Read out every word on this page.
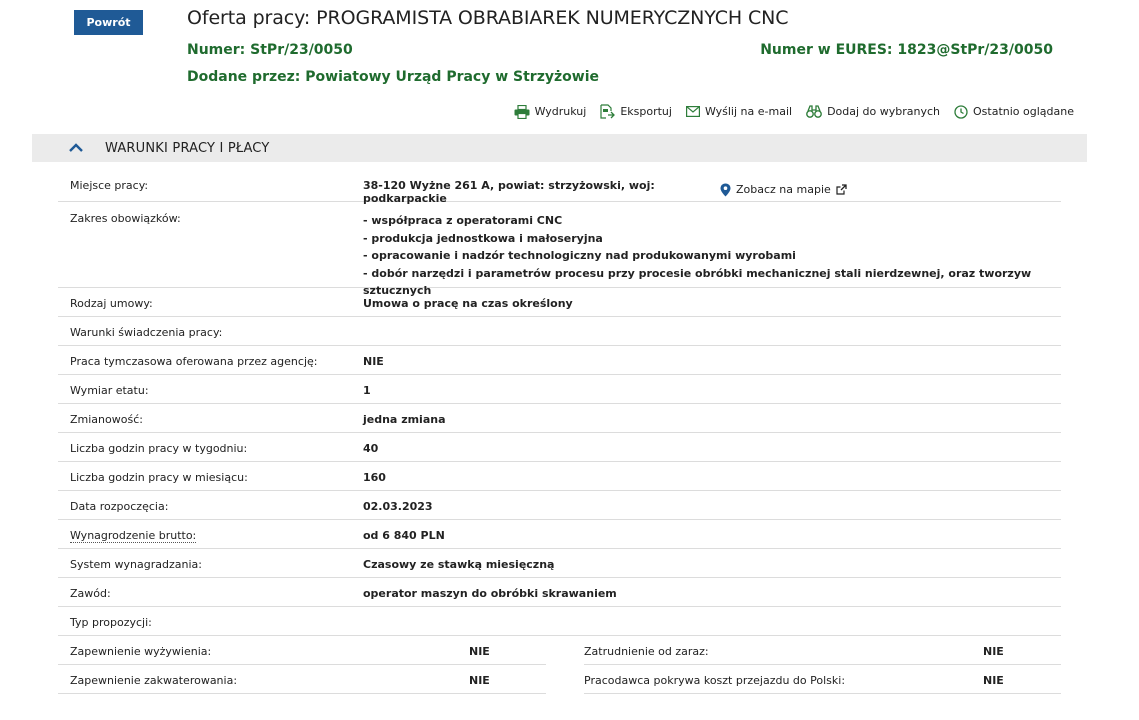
Powrót	Oferta pracy: PROGRAMISTA OBRABIAREK NUMERYCZNYCH CNC
Numer: StPr/23/0050	Numer w EURES: 1823@StPr/23/0050
Dodane przez: Powiatowy Urząd Pracy w Strzyżowie
Wydrukuj	Eksportuj	Wyślij na e-mail	Dodaj do wybranych	Ostatnio oglądane
WARUNKI PRACY I PŁACY
Miejsce pracy:	38-120 Wyżne 261 A, powiat: strzyżowski, woj: podkarpackie
Zobacz na mapie
Zakres obowiązków:	- współpraca z operatorami CNC
- produkcja jednostkowa i małoseryjna
- opracowanie i nadzór technologiczny nad produkowanymi wyrobami
- dobór narzędzi i parametrów procesu przy procesie obróbki mechanicznej stali nierdzewnej, oraz tworzyw sztucznych
Rodzaj umowy:	Umowa o pracę na czas określony
Warunki świadczenia pracy:
Praca tymczasowa oferowana przez agencję:	NIE
Wymiar etatu:	1
Zmianowość:	jedna zmiana
Liczba godzin pracy w tygodniu:	40
Liczba godzin pracy w miesiącu:	160
Data rozpoczęcia:	02.03.2023
Wynagrodzenie brutto:	od 6 840 PLN
System wynagradzania:	Czasowy ze stawką miesięczną
Zawód:	operator maszyn do obróbki skrawaniem
Typ propozycji:
Zapewnienie wyżywienia:	NIE	Zatrudnienie od zaraz:	NIE
Zapewnienie zakwaterowania:	NIE	Pracodawca pokrywa koszt przejazdu do Polski:	NIE
